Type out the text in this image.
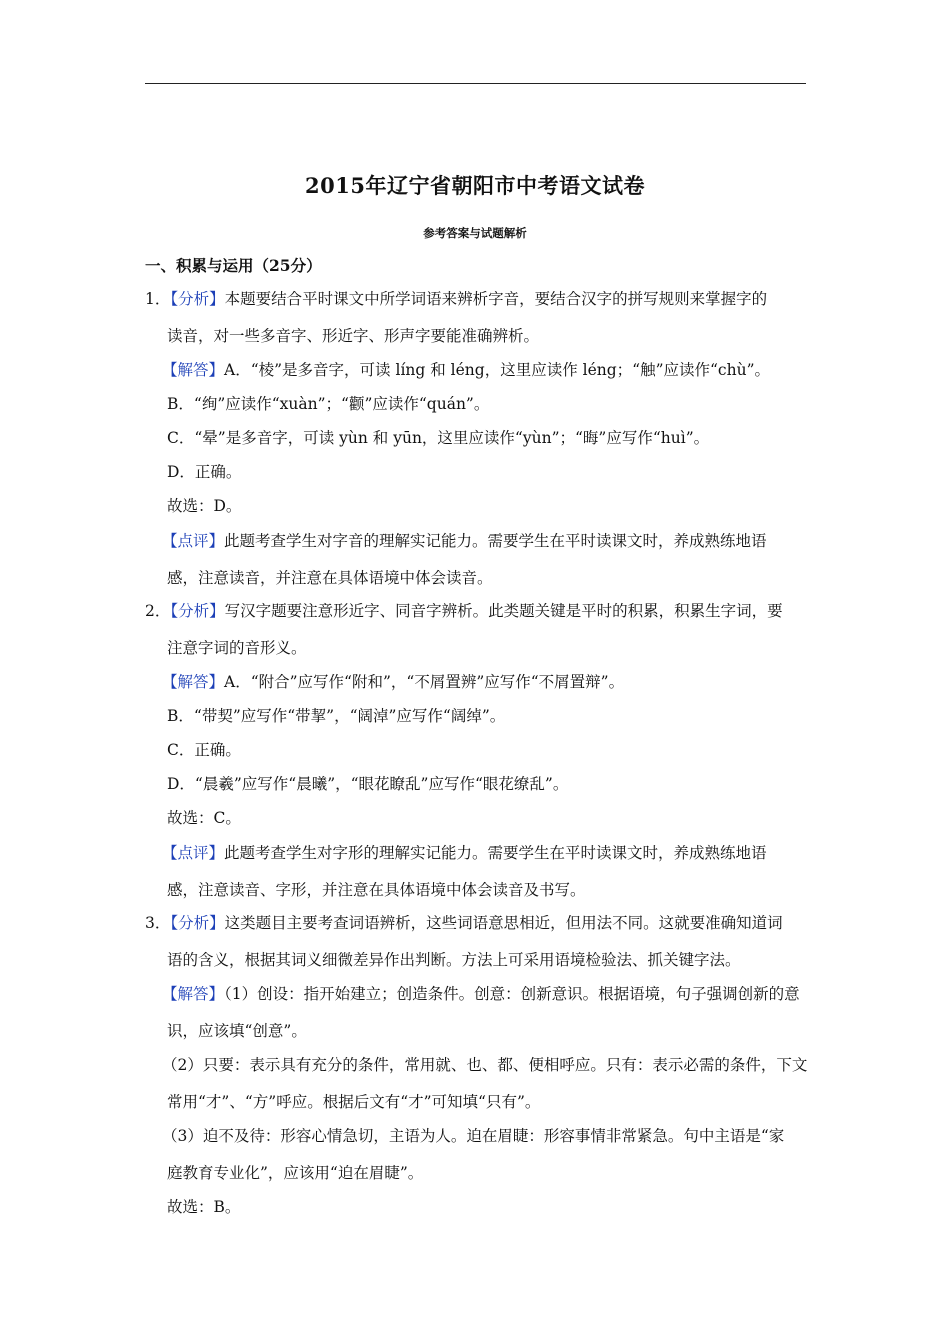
2015年辽宁省朝阳市中考语文试卷
参考答案与试题解析
一、积累与运用（25分）
1．【分析】本题要结合平时课文中所学词语来辨析字音，要结合汉字的拼写规则来掌握字的
读音，对一些多音字、形近字、形声字要能准确辨析。
【解答】A．“棱”是多音字，可读 líng 和 léng，这里应读作 léng；“触”应读作“chù”。
B．“绚”应读作“xuàn”；“颧”应读作“quán”。
C．“晕”是多音字，可读 yùn 和 yūn，这里应读作“yùn”；“晦”应写作“huì”。
D．正确。
故选：D。
【点评】此题考查学生对字音的理解实记能力。需要学生在平时读课文时，养成熟练地语
感，注意读音，并注意在具体语境中体会读音。
2．【分析】写汉字题要注意形近字、同音字辨析。此类题关键是平时的积累，积累生字词，要
注意字词的音形义。
【解答】A．“附合”应写作“附和”，“不屑置辨”应写作“不屑置辩”。
B．“带契”应写作“带挈”，“阔淖”应写作“阔绰”。
C．正确。
D．“晨羲”应写作“晨曦”，“眼花瞭乱”应写作“眼花缭乱”。
故选：C。
【点评】此题考查学生对字形的理解实记能力。需要学生在平时读课文时，养成熟练地语
感，注意读音、字形，并注意在具体语境中体会读音及书写。
3．【分析】这类题目主要考查词语辨析，这些词语意思相近，但用法不同。这就要准确知道词
语的含义，根据其词义细微差异作出判断。方法上可采用语境检验法、抓关键字法。
【解答】（1）创设：指开始建立；创造条件。创意：创新意识。根据语境，句子强调创新的意
识，应该填“创意”。
（2）只要：表示具有充分的条件，常用就、也、都、便相呼应。只有：表示必需的条件，下文
常用“才”、“方”呼应。根据后文有“才”可知填“只有”。
（3）迫不及待：形容心情急切，主语为人。迫在眉睫：形容事情非常紧急。句中主语是“家
庭教育专业化”，应该用“迫在眉睫”。
故选：B。
